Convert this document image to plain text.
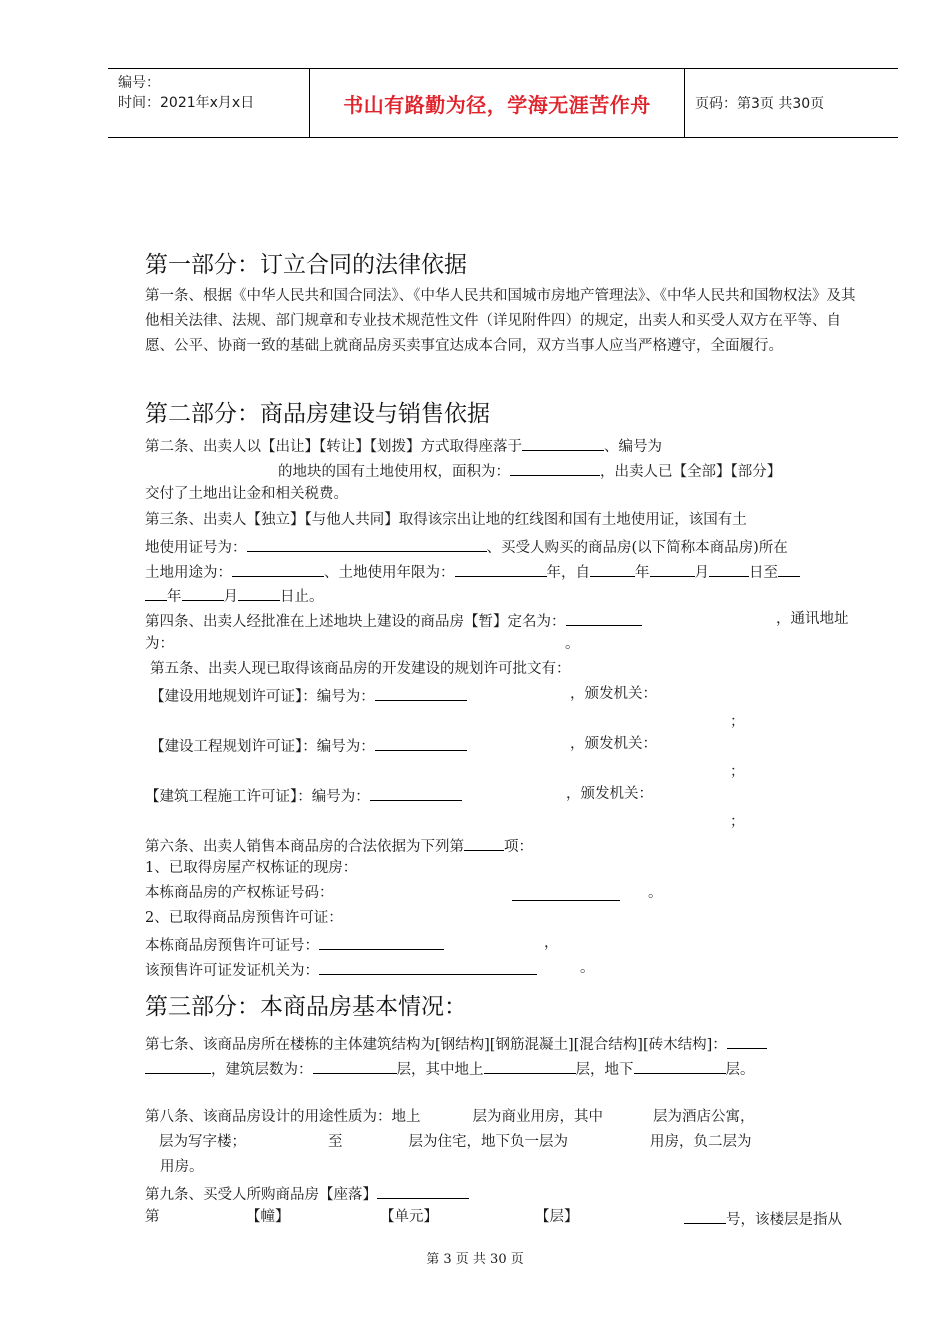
编号：
时间：2021年x月x日	书山有路勤为径，学海无涯苦作舟	页码：第3页 共30页
第一部分：订立合同的法律依据
第一条、根据《中华人民共和国合同法》、《中华人民共和国城市房地产管理法》、《中华人民共和国物权法》及其他相关法律、法规、部门规章和专业技术规范性文件（详见附件四）的规定，出卖人和买受人双方在平等、自愿、公平、协商一致的基础上就商品房买卖事宜达成本合同，双方当事人应当严格遵守，全面履行。
第二部分：商品房建设与销售依据
第二条、出卖人以【出让】【转让】【划拨】方式取得座落于	、编号为
的地块的国有土地使用权，面积为：	，出卖人已【全部】【部分】
交付了土地出让金和相关税费。
第三条、出卖人【独立】【与他人共同】取得该宗出让地的红线图和国有土地使用证，该国有土
地使用证号为：	、买受人购买的商品房(以下简称本商品房)所在
土地用途为：	、土地使用年限为：	年，自	年	月	日至
年	月	日止。
第四条、出卖人经批准在上述地块上建设的商品房【暂】定名为：	，通讯地址
为：	。
第五条、出卖人现已取得该商品房的开发建设的规划许可批文有：
【建设用地规划许可证】：编号为：	，颁发机关：
；
【建设工程规划许可证】：编号为：	，颁发机关：
；
【建筑工程施工许可证】：编号为：	，颁发机关：
；
第六条、出卖人销售本商品房的合法依据为下列第	项：
1、已取得房屋产权栋证的现房：
本栋商品房的产权栋证号码：	。
2、已取得商品房预售许可证：
本栋商品房预售许可证号：	，
该预售许可证发证机关为：	。
第三部分：本商品房基本情况：
第七条、该商品房所在楼栋的主体建筑结构为[钢结构][钢筋混凝土][混合结构][砖木结构]：
，建筑层数为：	层，其中地上	层，地下	层。
第八条、该商品房设计的用途性质为：地上	层为商业用房，其中	层为酒店公寓，
层为写字楼；	至	层为住宅，地下负一层为	用房，负二层为
用房。
第九条、买受人所购商品房【座落】
第	【幢】	【单元】	【层】	号，该楼层是指从
第 3 页 共 30 页
